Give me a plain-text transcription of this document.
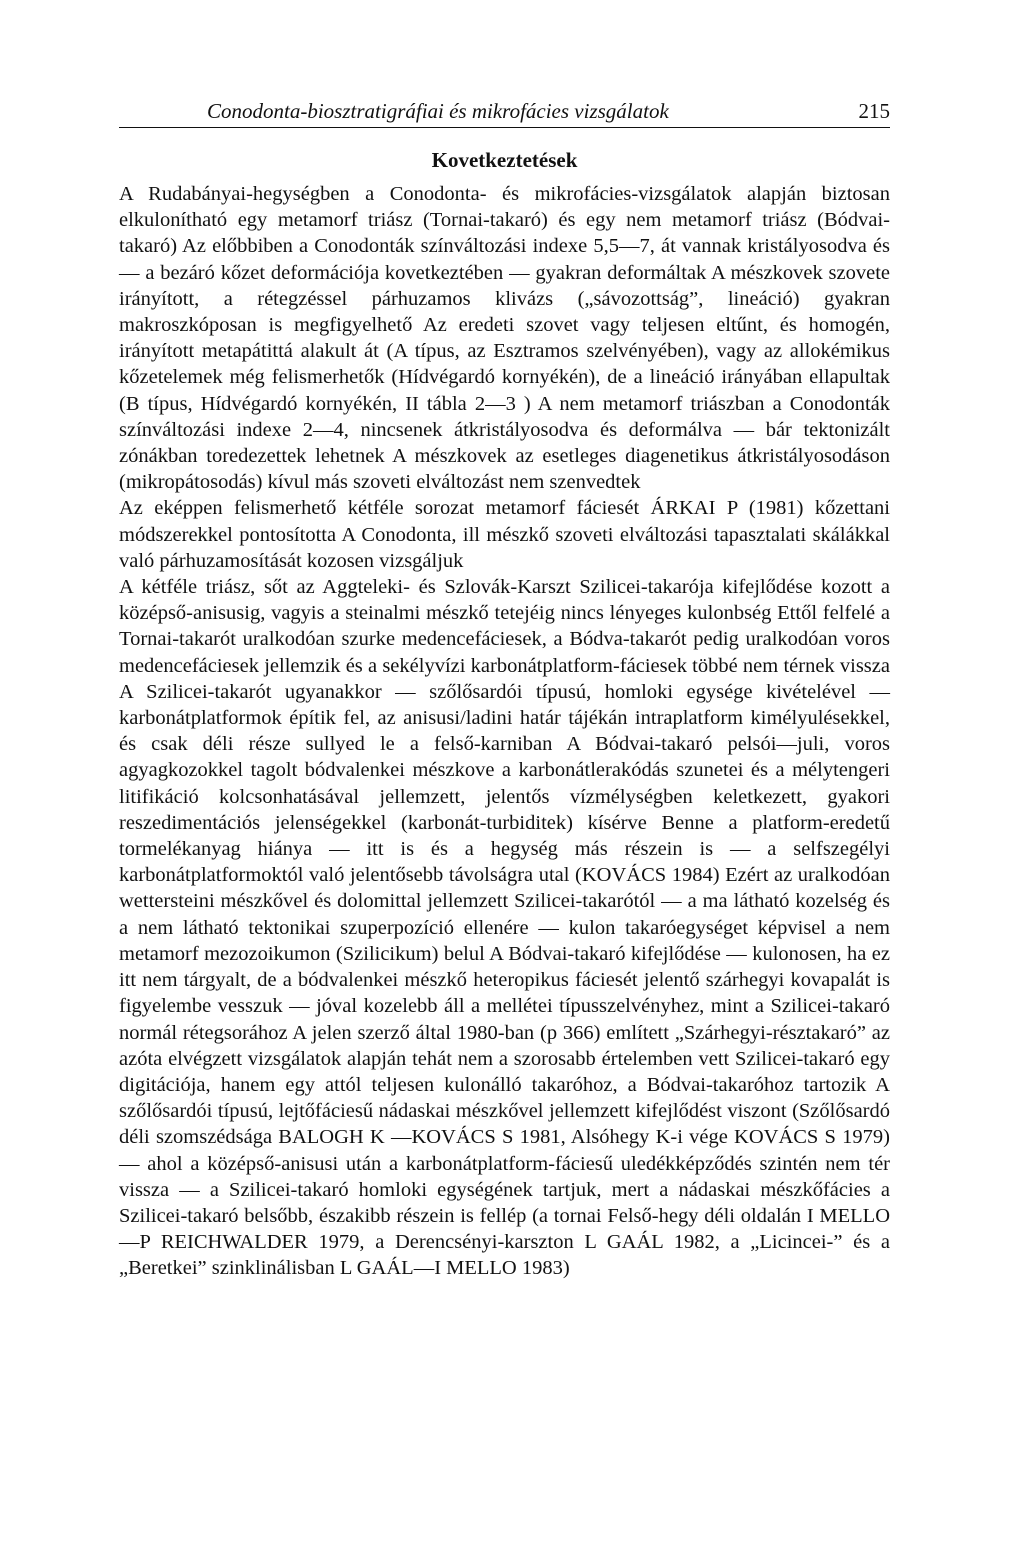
Conodonta-biosztratigráfiai és mikrofácies vizsgálatok	215
Kovetkeztetések

A Rudabányai-hegységben a Conodonta- és mikrofácies-vizsgálatok alapján biztosan elkulonítható egy metamorf triász (Tornai-takaró) és egy nem metamorf triász (Bódvai-takaró) Az előbbiben a Conodonták színváltozási indexe 5,5—7, át vannak kristályosodva és — a bezáró kőzet deformációja kovetkeztében — gyakran deformáltak A mészkovek szovete irányított, a rétegzéssel párhuzamos klivázs („sávozottság”, lineáció) gyakran makroszkóposan is megfigyelhető Az eredeti szovet vagy teljesen eltűnt, és homogén, irányított metapátittá alakult át (A típus, az Esztramos szelvényében), vagy az allokémikus kőzetelemek még felismerhetők (Hídvégardó kornyékén), de a lineáció irányában ellapultak (B típus, Hídvégardó kornyékén, II tábla 2—3 ) A nem metamorf triászban a Conodonták színváltozási indexe 2—4, nincsenek átkristályosodva és deformálva — bár tektonizált zónákban toredezettek lehetnek A mészkovek az esetleges diagenetikus átkristályosodáson (mikropátosodás) kívul más szoveti elváltozást nem szenvedtek

Az eképpen felismerhető kétféle sorozat metamorf fáciesét ÁRKAI P (1981) kőzettani módszerekkel pontosította A Conodonta, ill mészkő szoveti elváltozási tapasztalati skálákkal való párhuzamosítását kozosen vizsgáljuk

A kétféle triász, sőt az Aggteleki- és Szlovák-Karszt Szilicei-takarója kifejlődése kozott a középső-anisusig, vagyis a steinalmi mészkő tetejéig nincs lényeges kulonbség Ettől felfelé a Tornai-takarót uralkodóan szurke medencefáciesek, a Bódva-takarót pedig uralkodóan voros medencefáciesek jellemzik és a sekélyvízi karbonátplatform-fáciesek többé nem térnek vissza A Szilicei-takarót ugyanakkor — szőlősardói típusú, homloki egysége kivételével — karbonátplatformok építik fel, az anisusi/ladini határ tájékán intraplatform kimélyulésekkel, és csak déli része sullyed le a felső-karniban A Bódvai-takaró pelsói—juli, voros agyagkozokkel tagolt bódvalenkei mészkove a karbonátlerakódás szunetei és a mélytengeri litifikáció kolcsonhatásával jellemzett, jelentős vízmélységben keletkezett, gyakori reszedimentációs jelenségekkel (karbonát-turbiditek) kísérve Benne a platform-eredetű tormelékanyag hiánya — itt is és a hegység más részein is — a selfszegélyi karbonátplatformoktól való jelentősebb távolságra utal (KOVÁCS 1984) Ezért az uralkodóan wettersteini mészkővel és dolomittal jellemzett Szilicei-takarótól — a ma látható kozelség és a nem látható tektonikai szuperpozíció ellenére — kulon takaróegységet képvisel a nem metamorf mezozoikumon (Szilicikum) belul A Bódvai-takaró kifejlődése — kulonosen, ha ez itt nem tárgyalt, de a bódvalenkei mészkő heteropikus fáciesét jelentő szárhegyi kovapalát is figyelembe vesszuk — jóval kozelebb áll a mellétei típusszelvényhez, mint a Szilicei-takaró normál rétegsorához A jelen szerző által 1980-ban (p 366) említett „Szárhegyi-résztakaró” az azóta elvégzett vizsgálatok alapján tehát nem a szorosabb értelemben vett Szilicei-takaró egy digitációja, hanem egy attól teljesen kulonálló takaróhoz, a Bódvai-takaróhoz tartozik A szőlősardói típusú, lejtőfáciesű nádaskai mészkővel jellemzett kifejlődést viszont (Szőlősardó déli szomszédsága BALOGH K —KOVÁCS S 1981, Alsóhegy K-i vége KOVÁCS S 1979) — ahol a középső-anisusi után a karbonátplatform-fáciesű uledékképződés szintén nem tér vissza — a Szilicei-takaró homloki egységének tartjuk, mert a nádaskai mészkőfácies a Szilicei-takaró belsőbb, északibb részein is fellép (a tornai Felső-hegy déli oldalán I MELLO—P REICHWALDER 1979, a Derencsényi-karszton L GAÁL 1982, a „Licincei-” és a „Beretkei” szinklinálisban L GAÁL—I MELLO 1983)
